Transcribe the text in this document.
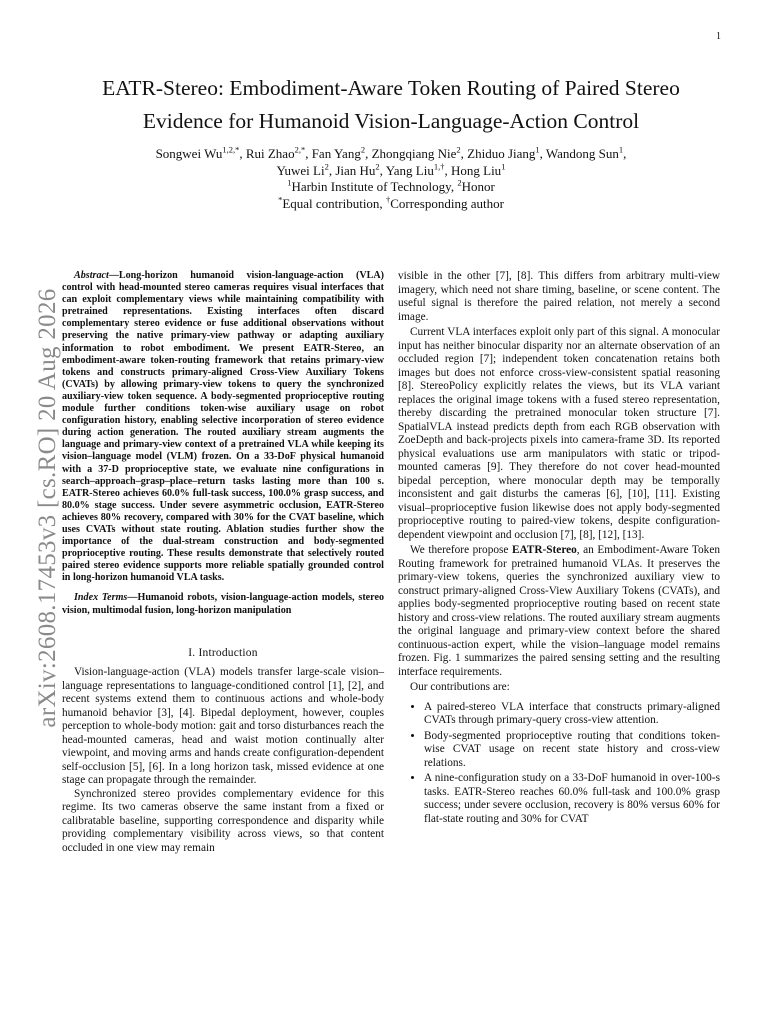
1
EATR-Stereo: Embodiment-Aware Token Routing of Paired Stereo
Evidence for Humanoid Vision-Language-Action Control
Songwei $Wu^{1,2,*}$, Rui Zhao$^{2,*}$, Fan Yang$^2$, Zhongqiang Nie$^2$, Zhiduo Jiang$^1$, Wandong Sun$^1$,
Yuwei Li$^2$, Jian Hu$^2$, Yang Liu$^{1,\dagger}$, Hong Liu$^1$
$^1$Harbin Institute of Technology, $^2$Honor
*Equal contribution, †Corresponding author
arXiv:2608.17453v3 [cs.RO] 20 Aug 2026

Abstract—Long-horizon humanoid vision-language-action (VLA) control with head-mounted stereo cameras requires visual interfaces that can exploit complementary views while maintaining compatibility with pretrained representations. Existing interfaces often discard complementary stereo evidence or fuse additional observations without preserving the native primary-view pathway or adapting auxiliary information to robot embodiment. We present EATR-Stereo, an embodiment-aware token-routing framework that retains primary-view tokens and constructs primary-aligned Cross-View Auxiliary Tokens (CVATs) by allowing primary-view tokens to query the synchronized auxiliary-view token sequence. A body-segmented proprioceptive routing module further conditions token-wise auxiliary usage on robot configuration history, enabling selective incorporation of stereo evidence during action generation. The routed auxiliary stream augments the language and primary-view context of a pretrained VLA while keeping its vision–language model (VLM) frozen. On a 33-DoF physical humanoid with a 37-D proprioceptive state, we evaluate nine configurations in search–approach–grasp–place–return tasks lasting more than 100 s. EATR-Stereo achieves 60.0% full-task success, 100.0% grasp success, and 80.0% stage success. Under severe asymmetric occlusion, EATR-Stereo achieves 80% recovery, compared with 30% for the CVAT baseline, which uses CVATs without state routing. Ablation studies further show the importance of the dual-stream construction and body-segmented proprioceptive routing. These results demonstrate that selectively routed paired stereo evidence supports more reliable spatially grounded control in long-horizon humanoid VLA tasks.

Index Terms—Humanoid robots, vision-language-action models, stereo vision, multimodal fusion, long-horizon manipulation

I. Introduction

Vision-language-action (VLA) models transfer large-scale vision–language representations to language-conditioned control [1], [2], and recent systems extend them to continuous actions and whole-body humanoid behavior [3], [4]. Bipedal deployment, however, couples perception to whole-body motion: gait and torso disturbances reach the head-mounted cameras, head and waist motion continually alter viewpoint, and moving arms and hands create configuration-dependent self-occlusion [5], [6]. In a long horizon task, missed evidence at one stage can propagate through the remainder.

Synchronized stereo provides complementary evidence for this regime. Its two cameras observe the same instant from a fixed or calibratable baseline, supporting correspondence and disparity while providing complementary visibility across views, so that content occluded in one view may remain

visible in the other [7], [8]. This differs from arbitrary multi-view imagery, which need not share timing, baseline, or scene content. The useful signal is therefore the paired relation, not merely a second image.

Current VLA interfaces exploit only part of this signal. A monocular input has neither binocular disparity nor an alternate observation of an occluded region [7]; independent token concatenation retains both images but does not enforce cross-view-consistent spatial reasoning [8]. StereoPolicy explicitly relates the views, but its VLA variant replaces the original image tokens with a fused stereo representation, thereby discarding the pretrained monocular token structure [7]. SpatialVLA instead predicts depth from each RGB observation with ZoeDepth and back-projects pixels into camera-frame 3D. Its reported physical evaluations use arm manipulators with static or tripod-mounted cameras [9]. They therefore do not cover head-mounted bipedal perception, where monocular depth may be temporally inconsistent and gait disturbs the cameras [6], [10], [11]. Existing visual–proprioceptive fusion likewise does not apply body-segmented proprioceptive routing to paired-view tokens, despite configuration-dependent viewpoint and occlusion [7], [8], [12], [13].

We therefore propose EATR-Stereo, an Embodiment-Aware Token Routing framework for pretrained humanoid VLAs. It preserves the primary-view tokens, queries the synchronized auxiliary view to construct primary-aligned Cross-View Auxiliary Tokens (CVATs), and applies body-segmented proprioceptive routing based on recent state history and cross-view relations. The routed auxiliary stream augments the original language and primary-view context before the shared continuous-action expert, while the vision–language model remains frozen. Fig. 1 summarizes the paired sensing setting and the resulting interface requirements.

Our contributions are:

• A paired-stereo VLA interface that constructs primary-aligned CVATs through primary-query cross-view attention.
• Body-segmented proprioceptive routing that conditions token-wise CVAT usage on recent state history and cross-view relations.
• A nine-configuration study on a 33-DoF humanoid in over-100-s tasks. EATR-Stereo reaches 60.0% full-task and 100.0% grasp success; under severe occlusion, recovery is 80% versus 60% for flat-state routing and 30% for CVAT
